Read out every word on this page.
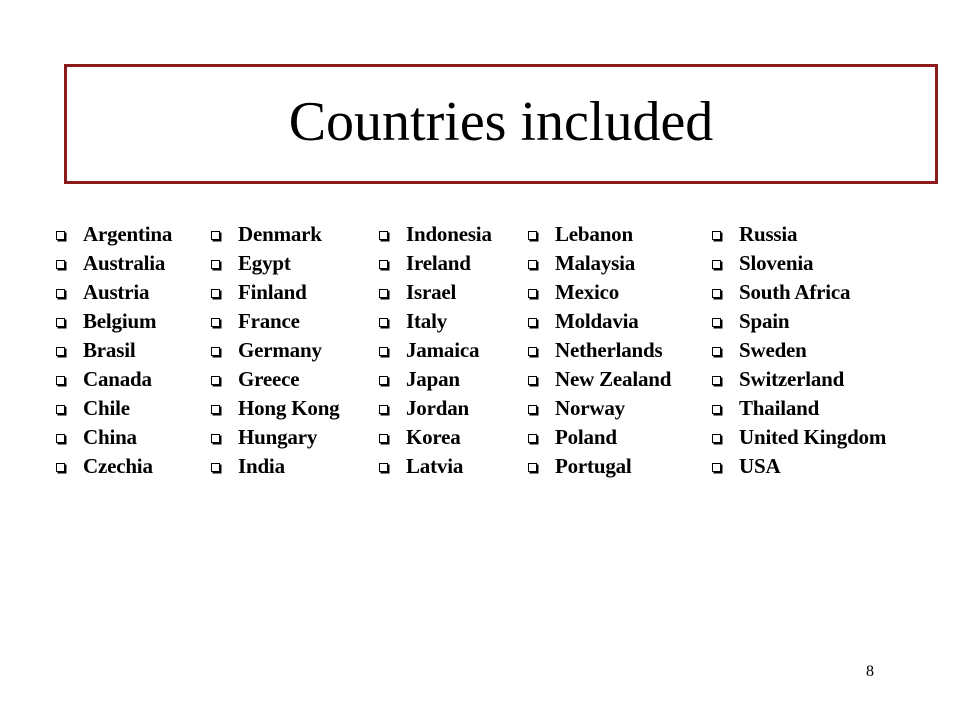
Countries included
Argentina
Australia
Austria
Belgium
Brasil
Canada
Chile
China
Czechia
Denmark
Egypt
Finland
France
Germany
Greece
Hong Kong
Hungary
India
Indonesia
Ireland
Israel
Italy
Jamaica
Japan
Jordan
Korea
Latvia
Lebanon
Malaysia
Mexico
Moldavia
Netherlands
New Zealand
Norway
Poland
Portugal
Russia
Slovenia
South Africa
Spain
Sweden
Switzerland
Thailand
United Kingdom
USA
8
